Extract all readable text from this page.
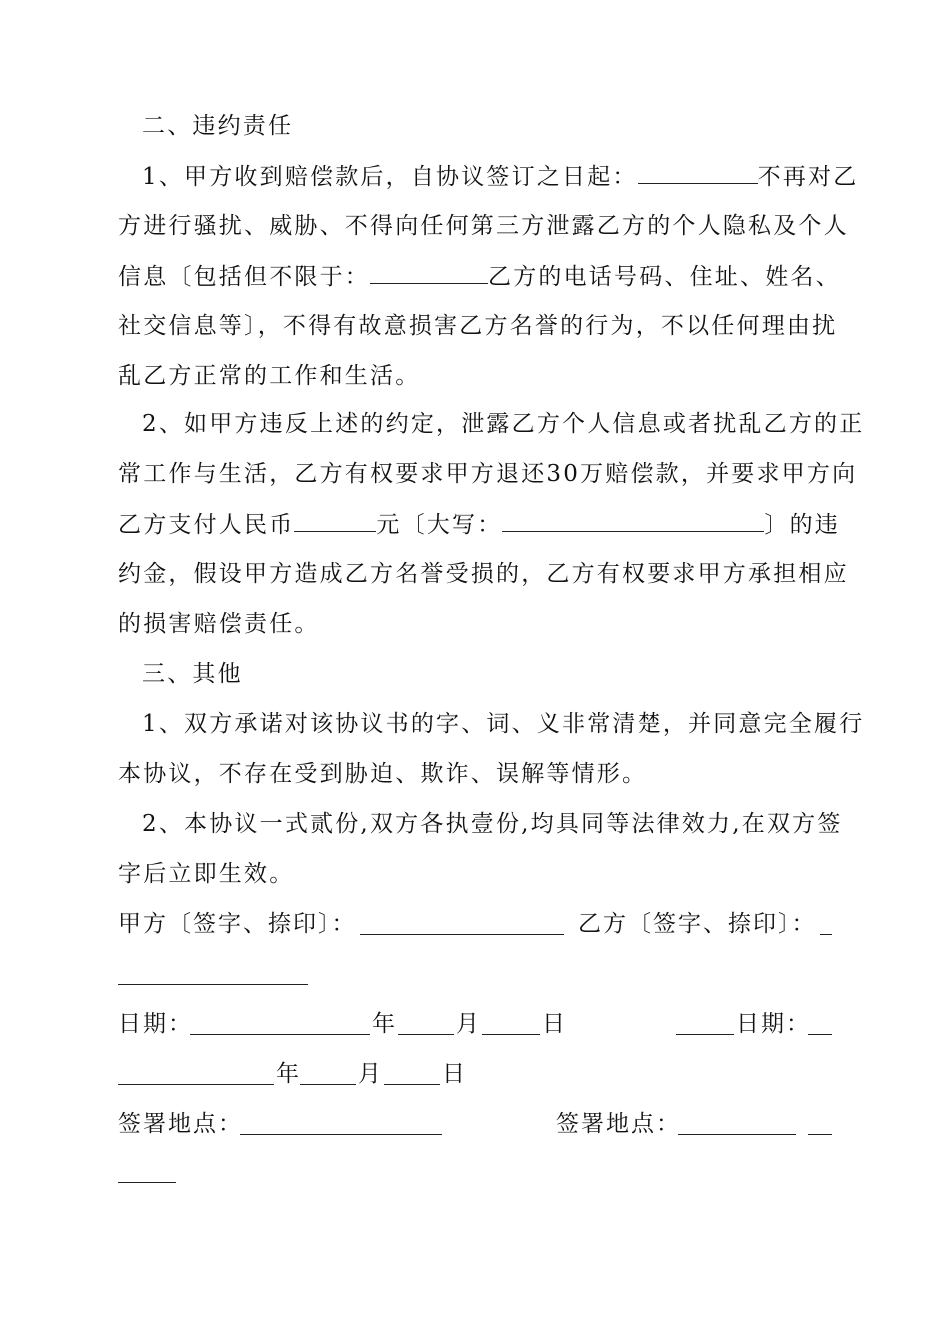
二、违约责任
1、甲方收到赔偿款后，自协议签订之日起：	不再对乙
方进行骚扰、威胁、不得向任何第三方泄露乙方的个人隐私及个人
信息〔包括但不限于：	乙方的电话号码、住址、姓名、
社交信息等〕，不得有故意损害乙方名誉的行为，不以任何理由扰
乱乙方正常的工作和生活。
2、如甲方违反上述的约定，泄露乙方个人信息或者扰乱乙方的正
常工作与生活，乙方有权要求甲方退还30万赔偿款，并要求甲方向
乙方支付人民币	元〔大写：	〕的违
约金，假设甲方造成乙方名誉受损的，乙方有权要求甲方承担相应
的损害赔偿责任。
三、其他
1、双方承诺对该协议书的字、词、义非常清楚，并同意完全履行
本协议，不存在受到胁迫、欺诈、误解等情形。
2、本协议一式贰份,双方各执壹份,均具同等法律效力,在双方签
字后立即生效。
甲方〔签字、捺印〕：	乙方〔签字、捺印〕：
日期：	年	月	日	日期：
年 月	日
签署地点：	签署地点：
